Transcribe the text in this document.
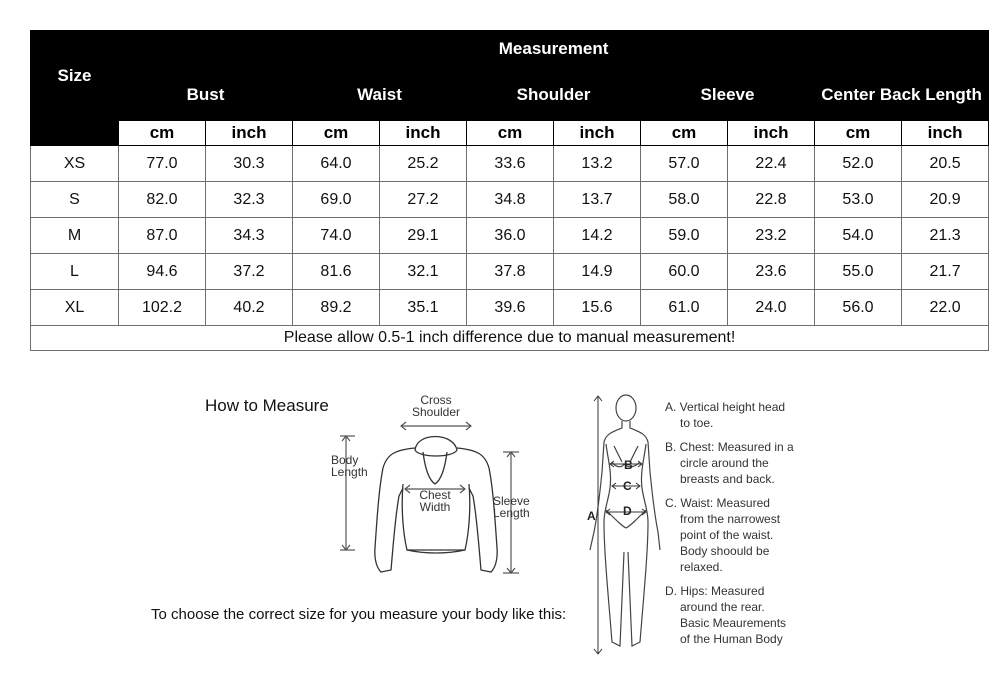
Size	Measurement									
	Bust		Waist		Shoulder		Sleeve		Center Back Length	
	cm	inch	cm	inch	cm	inch	cm	inch	cm	inch
XS	77.0	30.3	64.0	25.2	33.6	13.2	57.0	22.4	52.0	20.5
S	82.0	32.3	69.0	27.2	34.8	13.7	58.0	22.8	53.0	20.9
M	87.0	34.3	74.0	29.1	36.0	14.2	59.0	23.2	54.0	21.3
L	94.6	37.2	81.6	32.1	37.8	14.9	60.0	23.6	55.0	21.7
XL	102.2	40.2	89.2	35.1	39.6	15.6	61.0	24.0	56.0	22.0
Please allow 0.5-1 inch difference due to manual measurement!										
How to Measure	Cross
Shoulder
Body
Length
Chest
Width	Sleeve
Length
To choose the correct size for you measure your body like this:
A
B
C
D
A. Vertical height head
to toe.
B. Chest: Measured in a
circle around the
breasts and back.
C. Waist: Measured
from the narrowest
point of the waist.
Body shoould be
relaxed.
D. Hips: Measured
around the rear.
Basic Meaurements
of the Human Body
